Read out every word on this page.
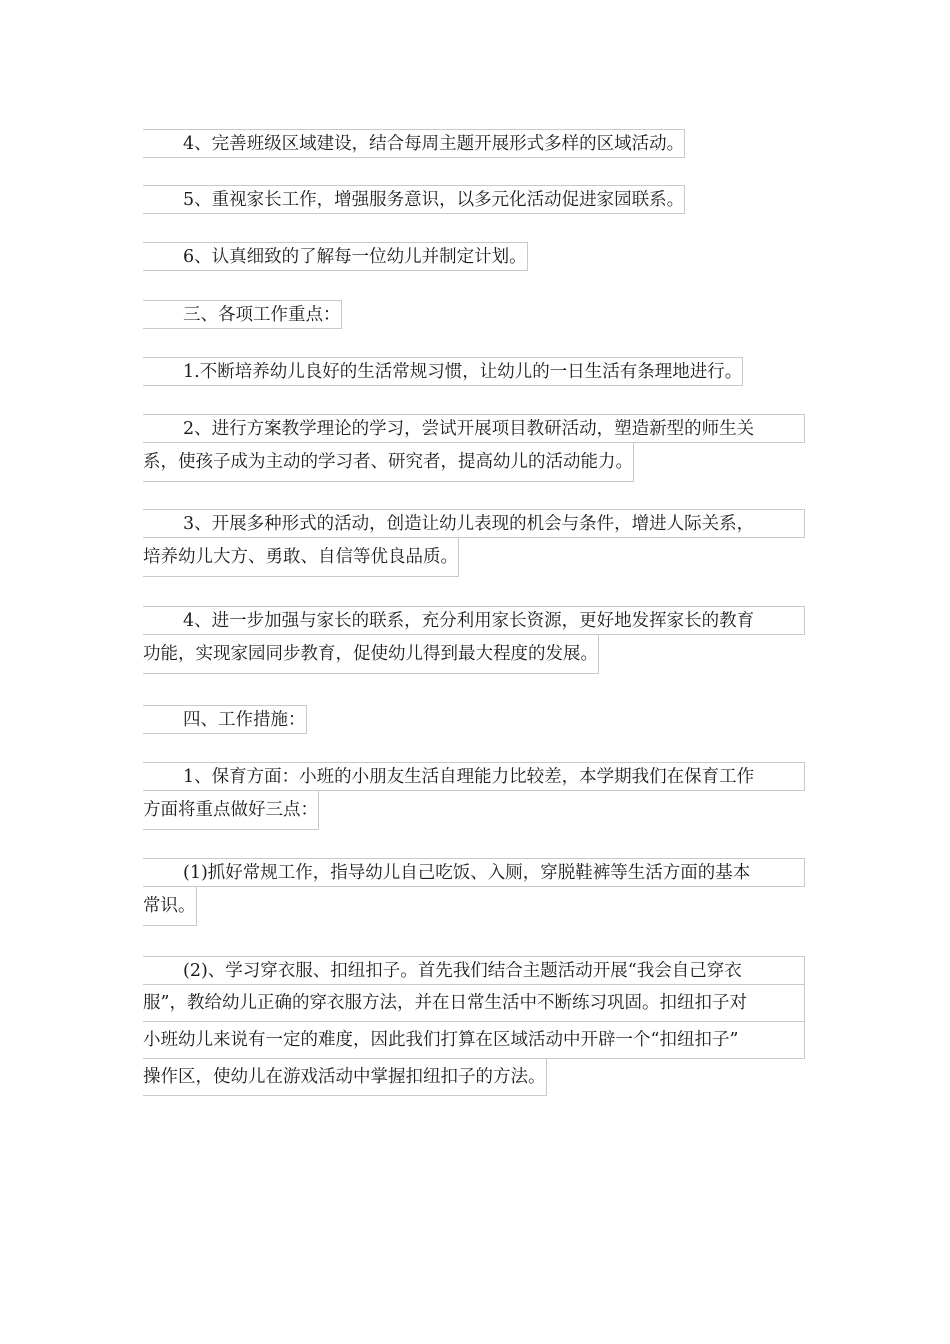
4、完善班级区域建设，结合每周主题开展形式多样的区域活动。
5、重视家长工作，增强服务意识，以多元化活动促进家园联系。
6、认真细致的了解每一位幼儿并制定计划。
三、各项工作重点：
1.不断培养幼儿良好的生活常规习惯，让幼儿的一日生活有条理地进行。
2、进行方案教学理论的学习，尝试开展项目教研活动，塑造新型的师生关
系，使孩子成为主动的学习者、研究者，提高幼儿的活动能力。
3、开展多种形式的活动，创造让幼儿表现的机会与条件，增进人际关系，
培养幼儿大方、勇敢、自信等优良品质。
4、进一步加强与家长的联系，充分利用家长资源，更好地发挥家长的教育
功能，实现家园同步教育，促使幼儿得到最大程度的发展。
四、工作措施：
1、保育方面：小班的小朋友生活自理能力比较差，本学期我们在保育工作
方面将重点做好三点：
(1)抓好常规工作，指导幼儿自己吃饭、入厕，穿脱鞋裤等生活方面的基本
常识。
(2)、学习穿衣服、扣纽扣子。首先我们结合主题活动开展“我会自己穿衣
服”，教给幼儿正确的穿衣服方法，并在日常生活中不断练习巩固。扣纽扣子对
小班幼儿来说有一定的难度，因此我们打算在区域活动中开辟一个“扣纽扣子”
操作区，使幼儿在游戏活动中掌握扣纽扣子的方法。
